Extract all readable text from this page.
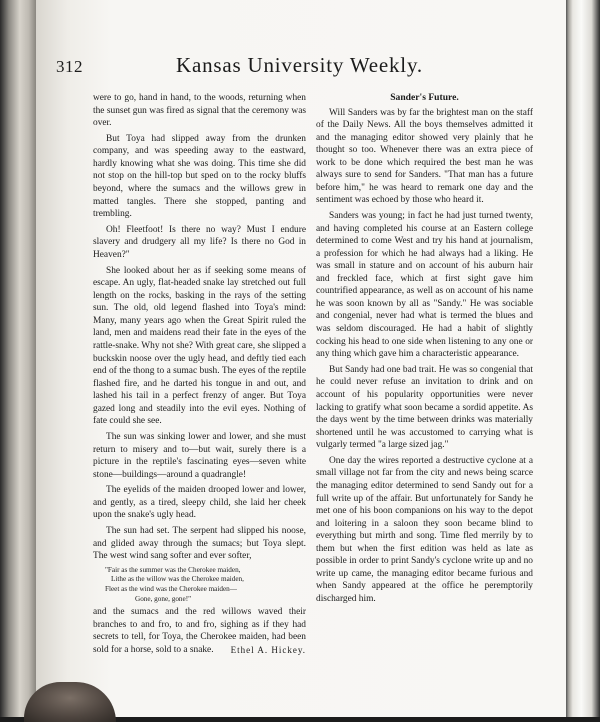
312	Kansas University Weekly.

were to go, hand in hand, to the woods, returning when the sunset gun was fired as signal that the ceremony was over.

But Toya had slipped away from the drunken company, and was speeding away to the eastward, hardly knowing what she was doing. This time she did not stop on the hill-top but sped on to the rocky bluffs beyond, where the sumacs and the willows grew in matted tangles. There she stopped, panting and trembling.

Oh! Fleetfoot! Is there no way? Must I endure slavery and drudgery all my life? Is there no God in Heaven?"

She looked about her as if seeking some means of escape. An ugly, flat-headed snake lay stretched out full length on the rocks, basking in the rays of the setting sun. The old, old legend flashed into Toya's mind: Many, many years ago when the Great Spirit ruled the land, men and maidens read their fate in the eyes of the rattle-snake. Why not she? With great care, she slipped a buckskin noose over the ugly head, and deftly tied each end of the thong to a sumac bush. The eyes of the reptile flashed fire, and he darted his tongue in and out, and lashed his tail in a perfect frenzy of anger. But Toya gazed long and steadily into the evil eyes. Nothing of fate could she see.

The sun was sinking lower and lower, and she must return to misery and to—but wait, surely there is a picture in the reptile's fascinating eyes—seven white stone—buildings—around a quadrangle!

The eyelids of the maiden drooped lower and lower, and gently, as a tired, sleepy child, she laid her cheek upon the snake's ugly head.

The sun had set. The serpent had slipped his noose, and glided away through the sumacs; but Toya slept. The west wind sang softer and ever softer,

"Fair as the summer was the Cherokee maiden,
Lithe as the willow was the Cherokee maiden,
Fleet as the wind was the Cherokee maiden—
Gone, gone, gone!"

and the sumacs and the red willows waved their branches to and fro, to and fro, sighing as if they had secrets to tell, for Toya, the Cherokee maiden, had been sold for a horse, sold to a snake.	Ethel A. Hickey.
Sander's Future.

Will Sanders was by far the brightest man on the staff of the Daily News. All the boys themselves admitted it and the managing editor showed very plainly that he thought so too. Whenever there was an extra piece of work to be done which required the best man he was always sure to send for Sanders. "That man has a future before him," he was heard to remark one day and the sentiment was echoed by those who heard it.

Sanders was young; in fact he had just turned twenty, and having completed his course at an Eastern college determined to come West and try his hand at journalism, a profession for which he had always had a liking. He was small in stature and on account of his auburn hair and freckled face, which at first sight gave him countrified appearance, as well as on account of his name he was soon known by all as "Sandy." He was sociable and congenial, never had what is termed the blues and was seldom discouraged. He had a habit of slightly cocking his head to one side when listening to any one or any thing which gave him a characteristic appearance.

But Sandy had one bad trait. He was so congenial that he could never refuse an invitation to drink and on account of his popularity opportunities were never lacking to gratify what soon became a sordid appetite. As the days went by the time between drinks was materially shortened until he was accustomed to carrying what is vulgarly termed "a large sized jag."

One day the wires reported a destructive cyclone at a small village not far from the city and news being scarce the managing editor determined to send Sandy out for a full write up of the affair. But unfortunately for Sandy he met one of his boon companions on his way to the depot and loitering in a saloon they soon became blind to everything but mirth and song. Time fled merrily by to them but when the first edition was held as late as possible in order to print Sandy's cyclone write up and no write up came, the managing editor became furious and when Sandy appeared at the office he peremptorily discharged him.
